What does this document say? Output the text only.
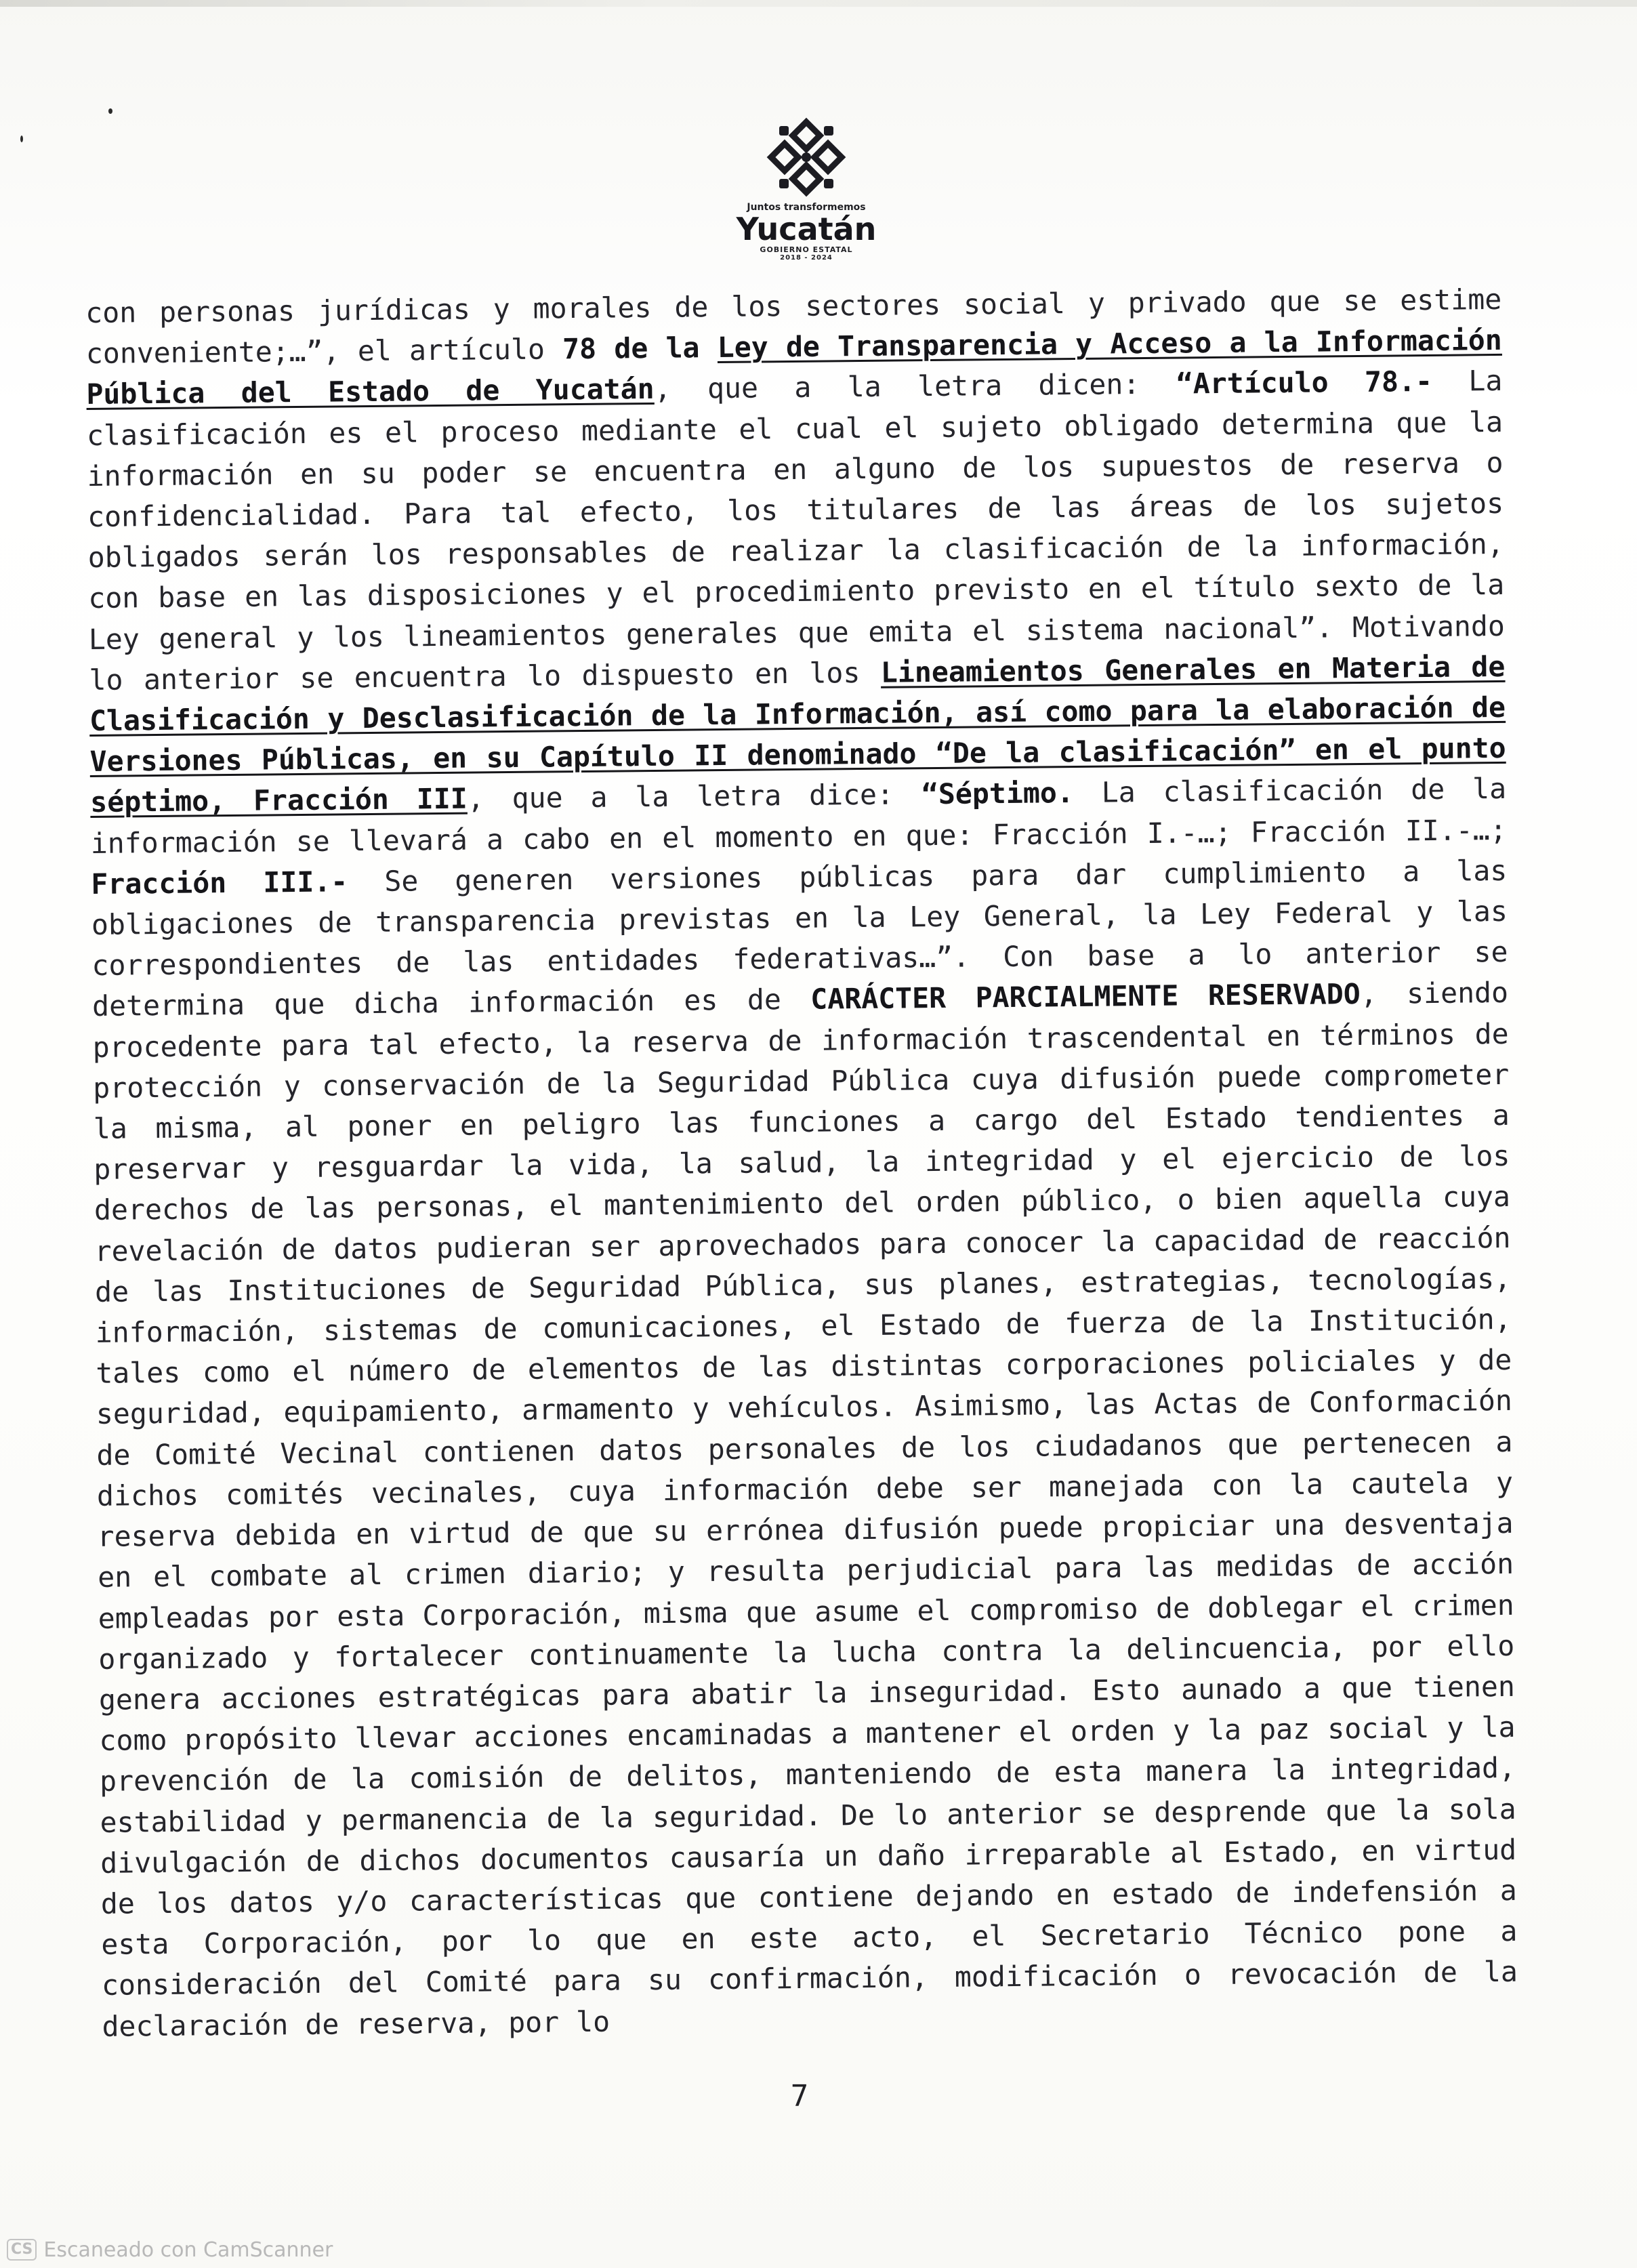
Juntos transformemos
Yucatán
GOBIERNO ESTATAL
2018 - 2024

con personas jurídicas y morales de los sectores social y privado que se estime conveniente;…”, el artículo 78 de la Ley de Transparencia y Acceso a la Información Pública del Estado de Yucatán, que a la letra dicen: “Artículo 78.- La clasificación es el proceso mediante el cual el sujeto obligado determina que la información en su poder se encuentra en alguno de los supuestos de reserva o confidencialidad. Para tal efecto, los titulares de las áreas de los sujetos obligados serán los responsables de realizar la clasificación de la información, con base en las disposiciones y el procedimiento previsto en el título sexto de la Ley general y los lineamientos generales que emita el sistema nacional”. Motivando lo anterior se encuentra lo dispuesto en los Lineamientos Generales en Materia de Clasificación y Desclasificación de la Información, así como para la elaboración de Versiones Públicas, en su Capítulo II denominado “De la clasificación” en el punto séptimo, Fracción III, que a la letra dice: “Séptimo. La clasificación de la información se llevará a cabo en el momento en que: Fracción I.-…; Fracción II.-…; Fracción III.- Se generen versiones públicas para dar cumplimiento a las obligaciones de transparencia previstas en la Ley General, la Ley Federal y las correspondientes de las entidades federativas…”. Con base a lo anterior se determina que dicha información es de CARÁCTER PARCIALMENTE RESERVADO, siendo procedente para tal efecto, la reserva de información trascendental en términos de protección y conservación de la Seguridad Pública cuya difusión puede comprometer la misma, al poner en peligro las funciones a cargo del Estado tendientes a preservar y resguardar la vida, la salud, la integridad y el ejercicio de los derechos de las personas, el mantenimiento del orden público, o bien aquella cuya revelación de datos pudieran ser aprovechados para conocer la capacidad de reacción de las Instituciones de Seguridad Pública, sus planes, estrategias, tecnologías, información, sistemas de comunicaciones, el Estado de fuerza de la Institución, tales como el número de elementos de las distintas corporaciones policiales y de seguridad, equipamiento, armamento y vehículos. Asimismo, las Actas de Conformación de Comité Vecinal contienen datos personales de los ciudadanos que pertenecen a dichos comités vecinales, cuya información debe ser manejada con la cautela y reserva debida en virtud de que su errónea difusión puede propiciar una desventaja en el combate al crimen diario; y resulta perjudicial para las medidas de acción empleadas por esta Corporación, misma que asume el compromiso de doblegar el crimen organizado y fortalecer continuamente la lucha contra la delincuencia, por ello genera acciones estratégicas para abatir la inseguridad. Esto aunado a que tienen como propósito llevar acciones encaminadas a mantener el orden y la paz social y la prevención de la comisión de delitos, manteniendo de esta manera la integridad, estabilidad y permanencia de la seguridad. De lo anterior se desprende que la sola divulgación de dichos documentos causaría un daño irreparable al Estado, en virtud de los datos y/o características que contiene dejando en estado de indefensión a esta Corporación, por lo que en este acto, el Secretario Técnico pone a consideración del Comité para su confirmación, modificación o revocación de la declaración de reserva, por lo

7
CS Escaneado con CamScanner
